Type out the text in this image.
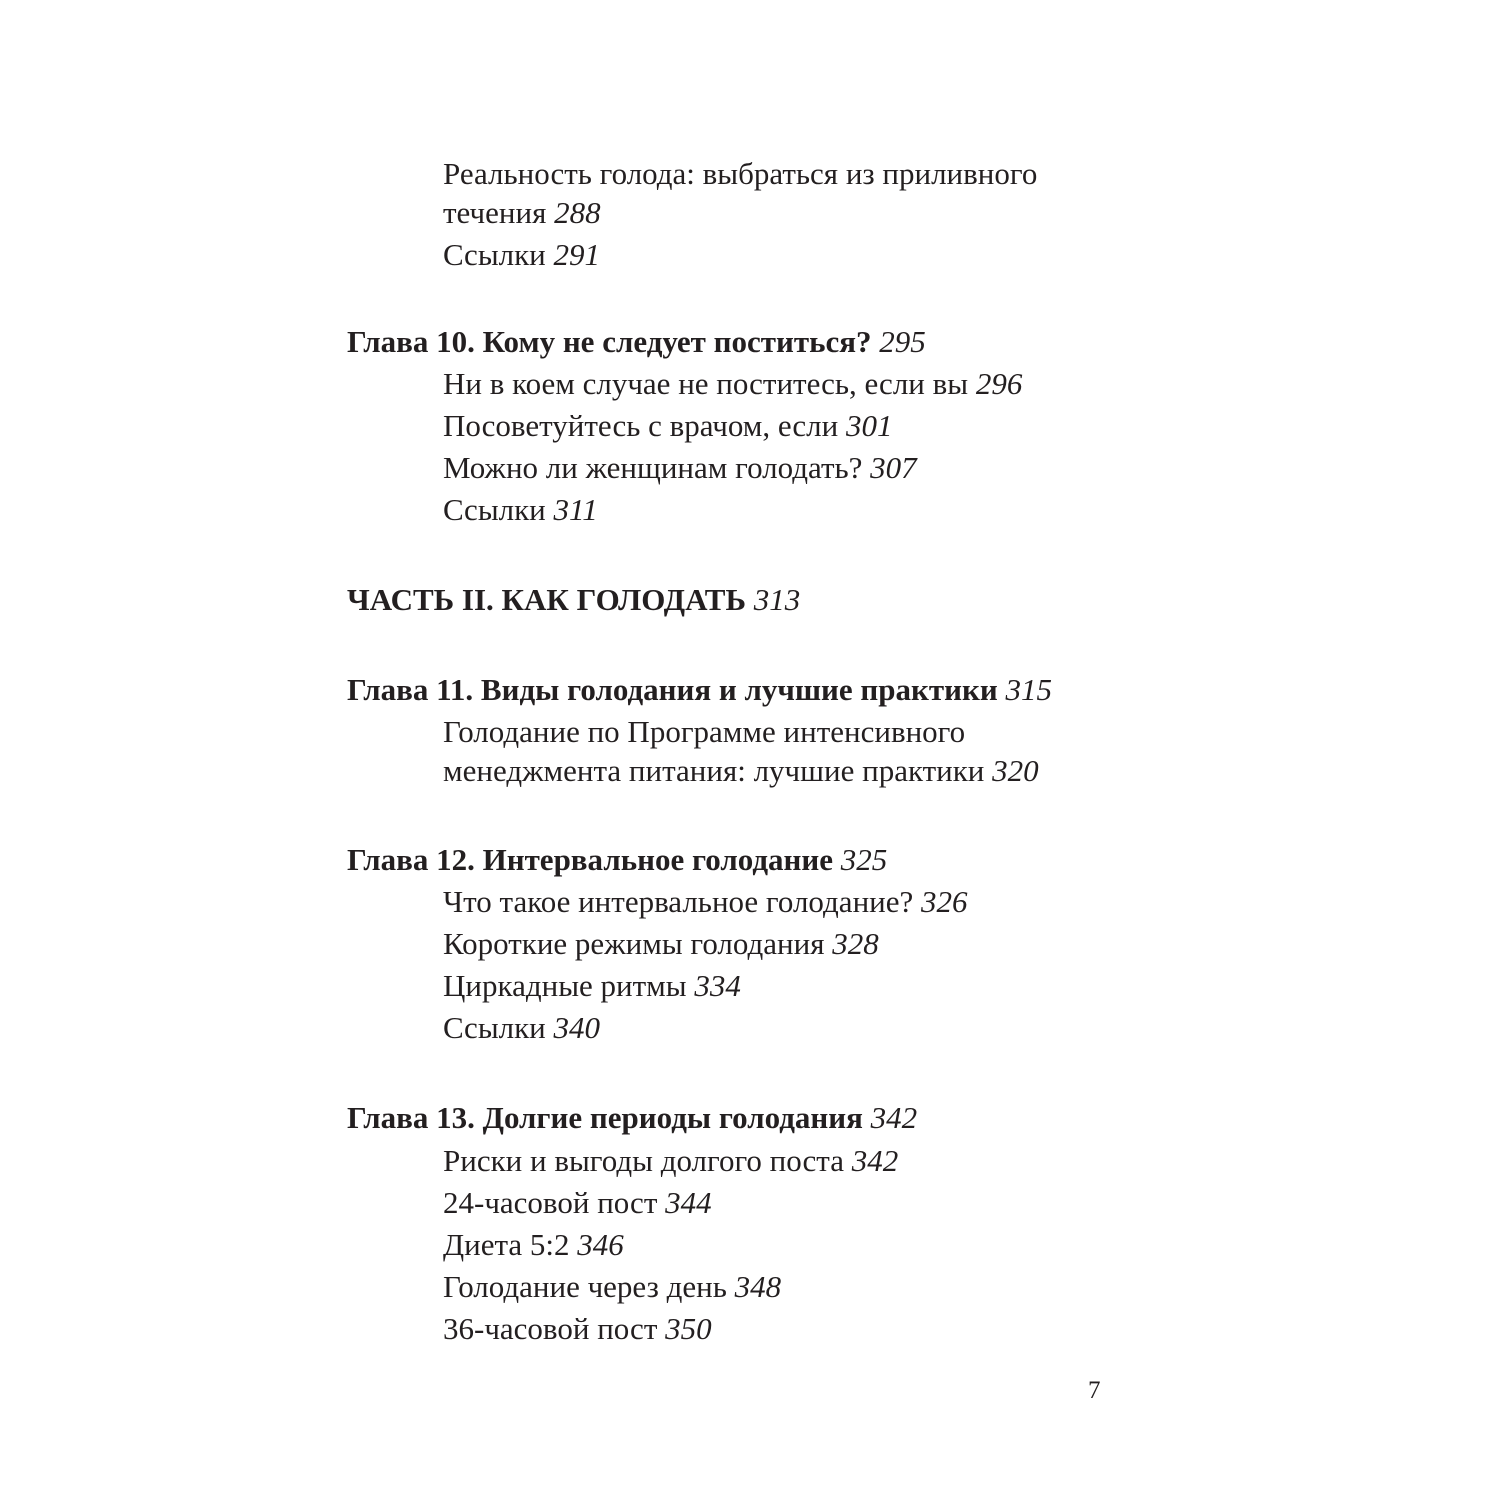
Реальность голода: выбраться из приливного
течения 288
Ссылки 291
Глава 10. Кому не следует поститься? 295
Ни в коем случае не поститесь, если вы 296
Посоветуйтесь с врачом, если 301
Можно ли женщинам голодать? 307
Ссылки 311
ЧАСТЬ II. КАК ГОЛОДАТЬ 313
Глава 11. Виды голодания и лучшие практики 315
Голодание по Программе интенсивного
менеджмента питания: лучшие практики 320
Глава 12. Интервальное голодание 325
Что такое интервальное голодание? 326
Короткие режимы голодания 328
Циркадные ритмы 334
Ссылки 340
Глава 13. Долгие периоды голодания 342
Риски и выгоды долгого поста 342
24-часовой пост 344
Диета 5:2 346
Голодание через день 348
36-часовой пост 350
7
